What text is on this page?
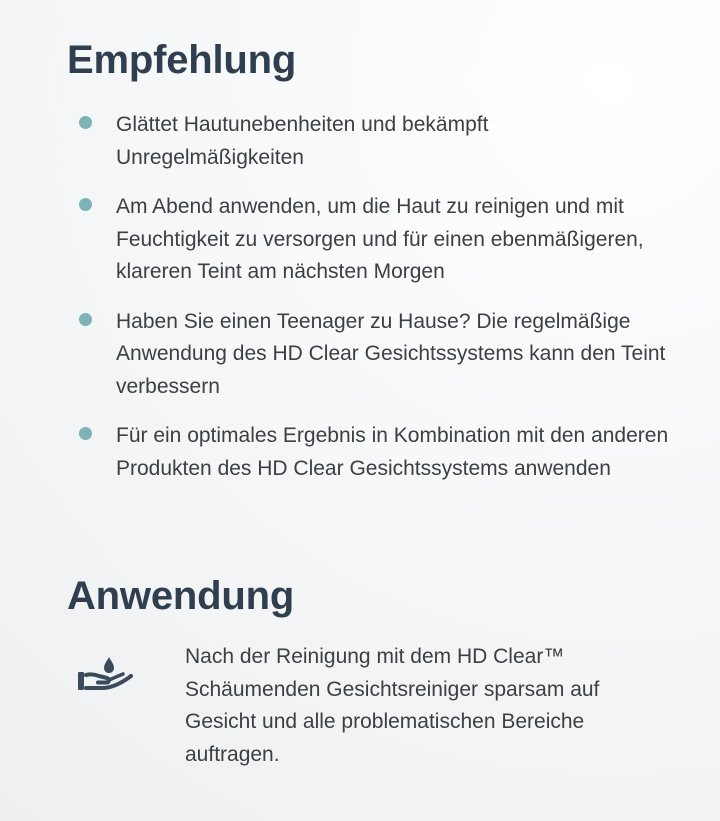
Empfehlung
Glättet Hautunebenheiten und bekämpft Unregelmäßigkeiten
Am Abend anwenden, um die Haut zu reinigen und mit Feuchtigkeit zu versorgen und für einen ebenmäßigeren, klareren Teint am nächsten Morgen
Haben Sie einen Teenager zu Hause? Die regelmäßige Anwendung des HD Clear Gesichtssystems kann den Teint verbessern
Für ein optimales Ergebnis in Kombination mit den anderen Produkten des HD Clear Gesichtssystems anwenden
Anwendung

Nach der Reinigung mit dem HD Clear™ Schäumenden Gesichtsreiniger sparsam auf Gesicht und alle problematischen Bereiche auftragen.
